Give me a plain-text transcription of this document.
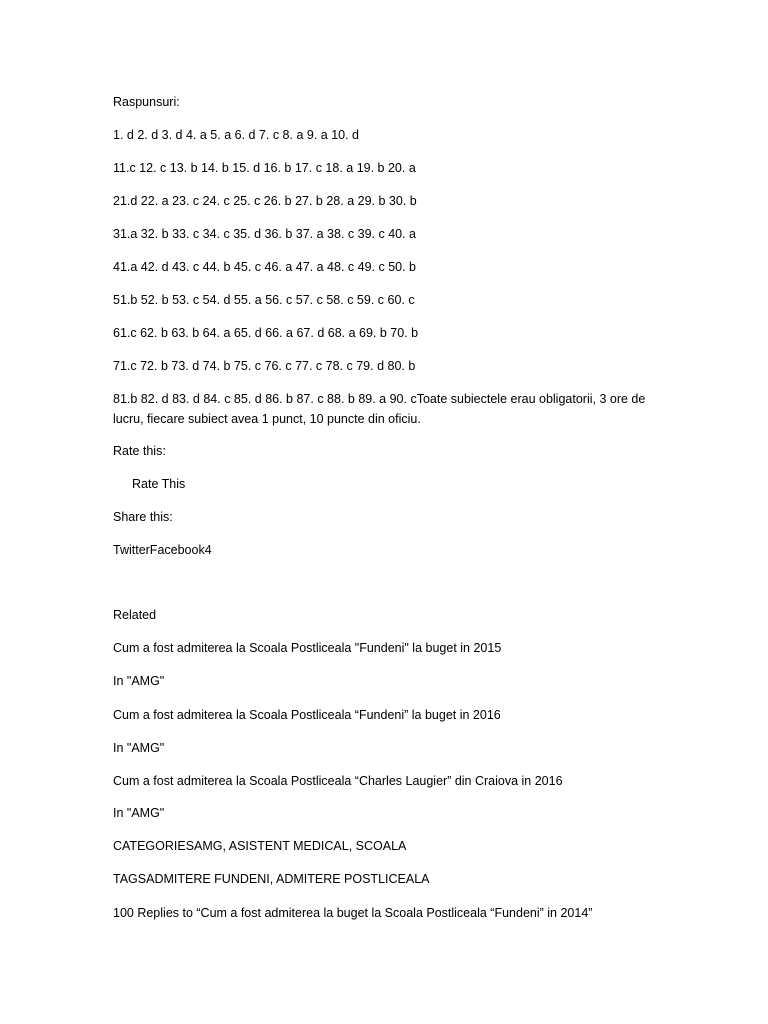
Raspunsuri:
1. d 2. d 3. d 4. a 5. a 6. d 7. c 8. a 9. a 10. d
11.c 12. c 13. b 14. b 15. d 16. b 17. c 18. a 19. b 20. a
21.d 22. a 23. c 24. c 25. c 26. b 27. b 28. a 29. b 30. b
31.a 32. b 33. c 34. c 35. d 36. b 37. a 38. c 39. c 40. a
41.a 42. d 43. c 44. b 45. c 46. a 47. a 48. c 49. c 50. b
51.b 52. b 53. c 54. d 55. a 56. c 57. c 58. c 59. c 60. c
61.c 62. b 63. b 64. a 65. d 66. a 67. d 68. a 69. b 70. b
71.c 72. b 73. d 74. b 75. c 76. c 77. c 78. c 79. d 80. b
81.b 82. d 83. d 84. c 85. d 86. b 87. c 88. b 89. a 90. cToate subiectele erau obligatorii, 3 ore de lucru, fiecare subiect avea 1 punct, 10 puncte din oficiu.
Rate this:
Rate This
Share this:
TwitterFacebook4
Related
Cum a fost admiterea la Scoala Postliceala "Fundeni" la buget in 2015
In "AMG"
Cum a fost admiterea la Scoala Postliceala “Fundeni” la buget in 2016
In "AMG"
Cum a fost admiterea la Scoala Postliceala “Charles Laugier” din Craiova in 2016
In "AMG"
CATEGORIESAMG, ASISTENT MEDICAL, SCOALA
TAGSADMITERE FUNDENI, ADMITERE POSTLICEALA
100 Replies to “Cum a fost admiterea la buget la Scoala Postliceala “Fundeni” in 2014”
